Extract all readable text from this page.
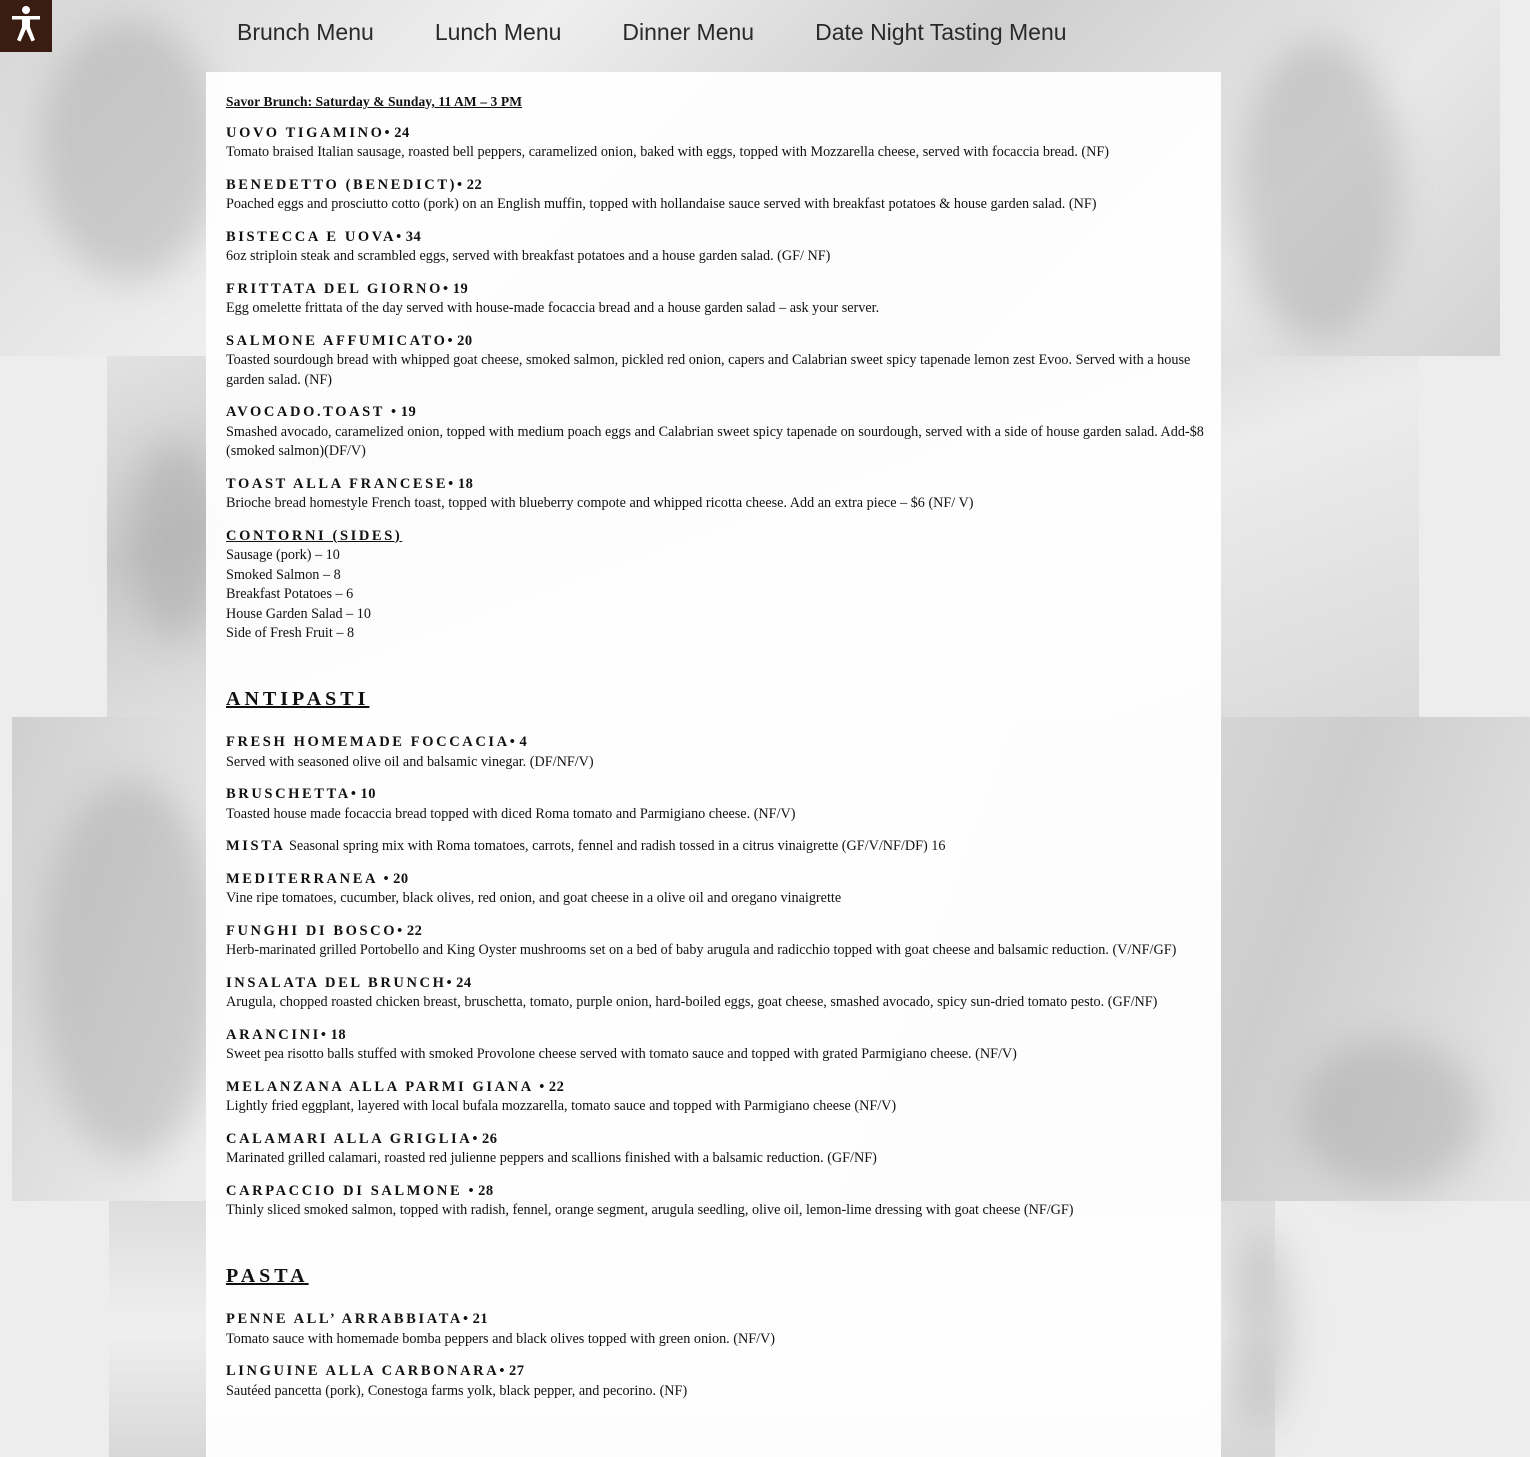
Brunch Menu	Lunch Menu	Dinner Menu	Date Night Tasting Menu
Savor Brunch: Saturday & Sunday, 11 AM – 3 PM
UOVO TIGAMINO• 24
Tomato braised Italian sausage, roasted bell peppers, caramelized onion, baked with eggs, topped with Mozzarella cheese, served with focaccia bread. (NF)
BENEDETTO (BENEDICT)• 22
Poached eggs and prosciutto cotto (pork) on an English muffin, topped with hollandaise sauce served with breakfast potatoes & house garden salad. (NF)
BISTECCA E UOVA• 34
6oz striploin steak and scrambled eggs, served with breakfast potatoes and a house garden salad. (GF/ NF)
FRITTATA DEL GIORNO• 19
Egg omelette frittata of the day served with house-made focaccia bread and a house garden salad – ask your server.
SALMONE AFFUMICATO• 20
Toasted sourdough bread with whipped goat cheese, smoked salmon, pickled red onion, capers and Calabrian sweet spicy tapenade lemon zest Evoo. Served with a house garden salad. (NF)
AVOCADO.TOAST • 19
Smashed avocado, caramelized onion, topped with medium poach eggs and Calabrian sweet spicy tapenade on sourdough, served with a side of house garden salad. Add-$8 (smoked salmon)(DF/V)
TOAST ALLA FRANCESE• 18
Brioche bread homestyle French toast, topped with blueberry compote and whipped ricotta cheese. Add an extra piece – $6 (NF/ V)
CONTORNI (SIDES)
Sausage (pork) – 10
Smoked Salmon – 8
Breakfast Potatoes – 6
House Garden Salad – 10
Side of Fresh Fruit – 8
ANTIPASTI
FRESH HOMEMADE FOCCACIA• 4
Served with seasoned olive oil and balsamic vinegar. (DF/NF/V)
BRUSCHETTA• 10
Toasted house made focaccia bread topped with diced Roma tomato and Parmigiano cheese. (NF/V)
MISTA Seasonal spring mix with Roma tomatoes, carrots, fennel and radish tossed in a citrus vinaigrette (GF/V/NF/DF) 16
MEDITERRANEA • 20
Vine ripe tomatoes, cucumber, black olives, red onion, and goat cheese in a olive oil and oregano vinaigrette
FUNGHI DI BOSCO• 22
Herb-marinated grilled Portobello and King Oyster mushrooms set on a bed of baby arugula and radicchio topped with goat cheese and balsamic reduction. (V/NF/GF)
INSALATA DEL BRUNCH• 24
Arugula, chopped roasted chicken breast, bruschetta, tomato, purple onion, hard-boiled eggs, goat cheese, smashed avocado, spicy sun-dried tomato pesto. (GF/NF)
ARANCINI• 18
Sweet pea risotto balls stuffed with smoked Provolone cheese served with tomato sauce and topped with grated Parmigiano cheese. (NF/V)
MELANZANA ALLA PARMI GIANA • 22
Lightly fried eggplant, layered with local bufala mozzarella, tomato sauce and topped with Parmigiano cheese (NF/V)
CALAMARI ALLA GRIGLIA• 26
Marinated grilled calamari, roasted red julienne peppers and scallions finished with a balsamic reduction. (GF/NF)
CARPACCIO DI SALMONE • 28
Thinly sliced smoked salmon, topped with radish, fennel, orange segment, arugula seedling, olive oil, lemon-lime dressing with goat cheese (NF/GF)
PASTA
PENNE ALL’ ARRABBIATA• 21
Tomato sauce with homemade bomba peppers and black olives topped with green onion. (NF/V)
LINGUINE ALLA CARBONARA• 27
Sautéed pancetta (pork), Conestoga farms yolk, black pepper, and pecorino. (NF)
